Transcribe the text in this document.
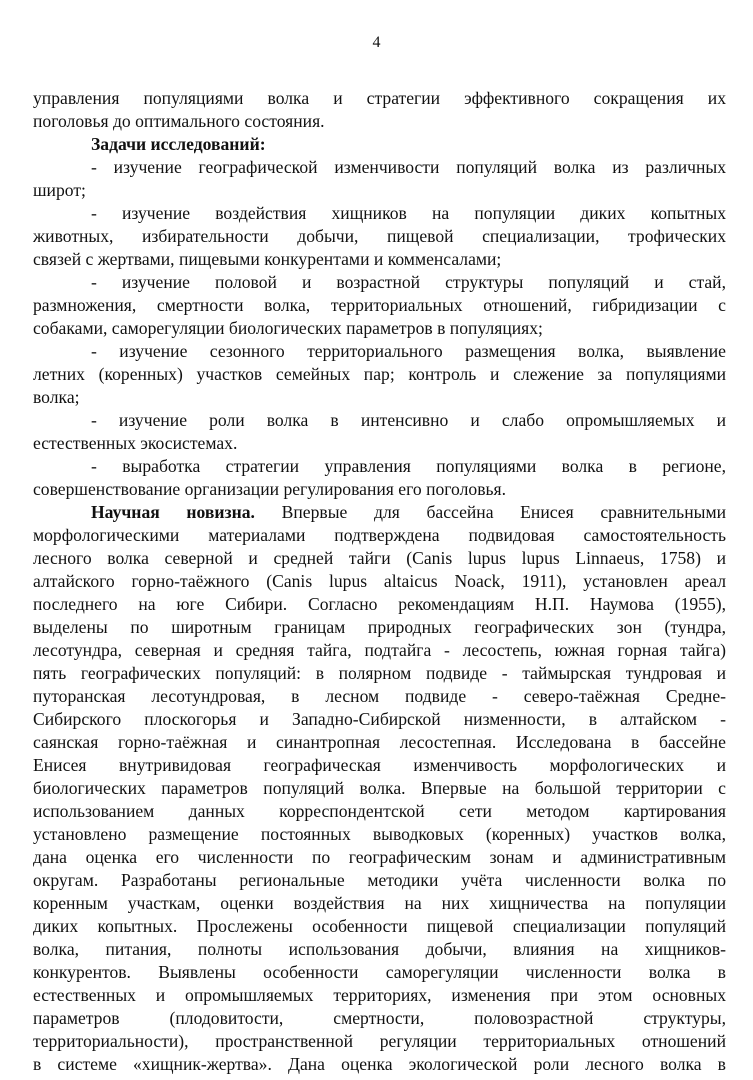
4
управления популяциями волка и стратегии эффективного сокращения их
поголовья до оптимального состояния.
Задачи исследований:
- изучение географической изменчивости популяций волка из различных
широт;
- изучение воздействия хищников на популяции диких копытных
животных, избирательности добычи, пищевой специализации, трофических
связей с жертвами, пищевыми конкурентами и комменсалами;
- изучение половой и возрастной структуры популяций и стай,
размножения, смертности волка, территориальных отношений, гибридизации с
собаками, саморегуляции биологических параметров в популяциях;
- изучение сезонного территориального размещения волка, выявление
летних (коренных) участков семейных пар; контроль и слежение за популяциями
волка;
- изучение роли волка в интенсивно и слабо опромышляемых и
естественных экосистемах.
- выработка стратегии управления популяциями волка в регионе,
совершенствование организации регулирования его поголовья.
Научная новизна. Впервые для бассейна Енисея сравнительными
морфологическими материалами подтверждена подвидовая самостоятельность
лесного волка северной и средней тайги (Canis lupus lupus Linnaeus, 1758) и
алтайского горно-таёжного (Canis lupus altaicus Noack, 1911), установлен ареал
последнего на юге Сибири. Согласно рекомендациям Н.П. Наумова (1955),
выделены по широтным границам природных географических зон (тундра,
лесотундра, северная и средняя тайга, подтайга - лесостепь, южная горная тайга)
пять географических популяций: в полярном подвиде - таймырская тундровая и
путоранская лесотундровая, в лесном подвиде - северо-таёжная Средне-
Сибирского плоскогорья и Западно-Сибирской низменности, в алтайском -
саянская горно-таёжная и синантропная лесостепная. Исследована в бассейне
Енисея внутривидовая географическая изменчивость морфологических и
биологических параметров популяций волка. Впервые на большой территории с
использованием данных корреспондентской сети методом картирования
установлено размещение постоянных выводковых (коренных) участков волка,
дана оценка его численности по географическим зонам и административным
округам. Разработаны региональные методики учёта численности волка по
коренным участкам, оценки воздействия на них хищничества на популяции
диких копытных. Прослежены особенности пищевой специализации популяций
волка, питания, полноты использования добычи, влияния на хищников-
конкурентов. Выявлены особенности саморегуляции численности волка в
естественных и опромышляемых территориях, изменения при этом основных
параметров (плодовитости, смертности, половозрастной структуры,
территориальности), пространственной регуляции территориальных отношений
в системе «хищник-жертва». Дана оценка экологической роли лесного волка в
